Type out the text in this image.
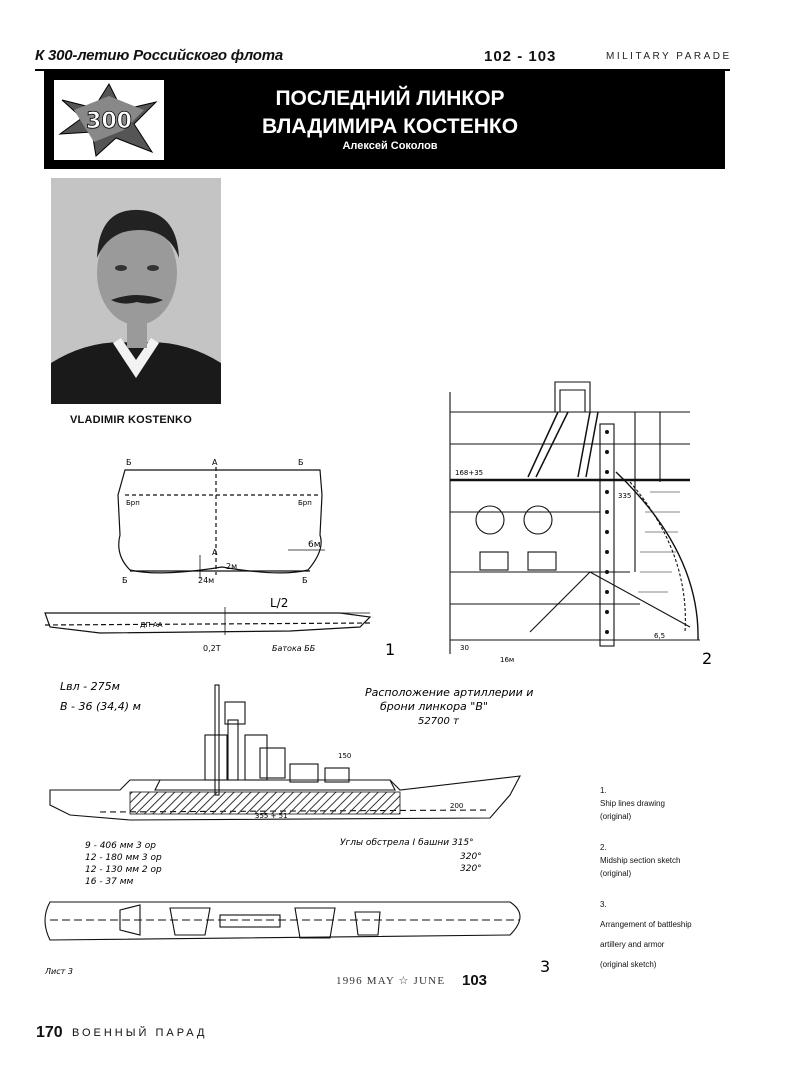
К 300-летию Российского флота	102 - 103	MILITARY PARADE
300
ПОСЛЕДНИЙ ЛИНКОР
ВЛАДИМИРА КОСТЕНКО
Алексей Соколов
VLADIMIR KOSTENKO
Б	А	Б
Брп	Брп
А
6м
2м
24м
Б	Б
L/2
ДП АА
0,2Т	Батока ББ	1
168+35
335
30
16м
6,5
2
Lвл - 275м
В - 36 (34,4) м
Расположение артиллерии и
брони линкора "В"
52700 т
150
200
355 + 51
9 - 406 мм 3 ор
12 - 180 мм 3 ор
12 - 130 мм 2 ор
16 - 37 мм
Углы обстрела I башни 315°
320°
320°
Лист 3	3
1.
Ship lines drawing
(original)
2.
Midship section sketch
(original)
3.
Arrangement of battleship
artillery and armor
(original sketch)
1996 MAY ☆ JUNE 103
170 ВОЕННЫЙ ПАРАД
